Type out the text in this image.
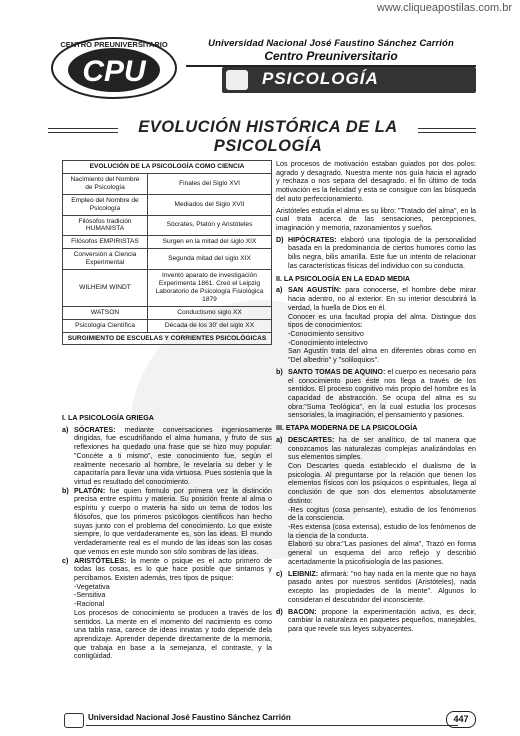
www.cliqueapostilas.com.br
CENTRO PREUNIVERSITARIO
CPU
Universidad Nacional José Faustino Sánchez Carrión
Centro Preuniversitario
PSICOLOGÍA
EVOLUCIÓN HISTÓRICA DE LA PSICOLOGÍA
EVOLUCIÓN DE LA PSICOLOGÍA COMO CIENCIA	
Nacimiento del Nombre de Psicología	Finales del Siglo XVI
Empleo del Nombre de Psicología	Mediados del Siglo XVII
Filósofos tradición HUMANISTA	Sócrates, Platón y Aristóteles
Filósofos EMPIRISTAS	Surgen en la mitad del siglo XIX
Conversión a Ciencia Experimental	Segunda mitad del siglo XIX
WILHEIM WINDT	Inventó aparato de investigación Experimenta 1861. Creó el Leipzig Laboratorio de Psicología Fisiológica 1879
WATSON	Conductismo siglo XX
Psicología Científica	Década de los 30' del siglo XX
SURGIMIENTO DE ESCUELAS Y CORRIENTES PSICOLÓGICAS	
I. LA PSICOLOGÍA GRIEGA
a) SÓCRATES: mediante conversaciones ingeniosamente dirigidas, fue escudriñando el alma humana, y fruto de sus reflexiones ha quedado una frase que se hizo muy popular: "Concéte a ti mismo", este conocimiento fue, según el realmente necesario al hombre, le revelaría su deber y le capacitaría para llevar una vida virtuosa. Pues sostenía que la virtud es resultado del conocimiento.
b) PLATÓN: fue quien formulo por primera vez la distinción precisa entre espíritu y materia. Su posición frente al alma o espíritu y cuerpo o materia ha sido un tema de todos los filósofos, que los primeros psicólogos científicos han hecho suyas junto con el problema del conocimiento. Lo que existe siempre, lo que verdaderamente es, son las ideas. El mundo verdaderamente real es el mundo de las ideas son las cosas que vemos en este mundo son sólo sombras de las ideas.
c) ARISTÓTELES: la mente o psique es el acto primero de todas las cosas, es lo que hace posible que sintamos y percibamos. Existen además, tres tipos de psique:
-Vegetativa
-Sensitiva
-Racional
Los procesos de conocimiento se producen a través de los sentidos. La mente en el momento del nacimiento es como una tabla rasa, carece de ideas innatas y todo depende dela aprendizaje. Aprender depende directamente de la memoria, que trabaja en base a la semejanza, el contraste, y la contigüidad.

Los procesos de motivación estaban guiados por dos polos: agrado y desagrado. Nuestra mente nos guía hacia el agrado y rechaza o nos separa del desagrado. el fin último de toda motivación es la felicidad y esta se consigue con las búsqueda del auto perfeccionamiento.

Aristóteles estudia el alma es su libro: "Tratado del alma", en la cual trata acerca de las sensaciones, percepciones, imaginación y memoria, razonamientos y sueños.

D) HIPÓCRATES: elaboró una tipología de la personalidad basada en la predominancia de ciertos humores como las bilis negra, bilis amarilla. Este fue un intento de relacionar las características físicas del individuo con su conducta.
II. LA PSICOLOGÍA EN LA EDAD MEDIA
a) SAN AGUSTÍN: para conocerse, el hombre debe mirar hacia adentro, no al exterior. En su interior descubrirá la verdad, la huella de Dios en él.
Conocer es una facultad propia del alma. Distingue dos tipos de conocimientos:
-Conocimiento sensitivo
-Conocimiento intelectivo
San Agustín trata del alma en diferentes obras como en "Del albedrio" y "soliloquios".
b) SANTO TOMAS DE AQUINO: el cuerpo es necesario para el conocimiento pues éste nos llega a través de los sentidos. El proceso cognitivo más propio del hombre es la capacidad de abstracción. Se ocupa del alma es su obra:"Suma Teológica", en la cual estudia los procesos sensoriales, la imaginación, el pensamiento y pasiones.
III. ETAPA MODERNA DE LA PSICOLOGÍA
a) DESCARTES: ha de ser analítico, de tal manera que conozcamos las naturalezas complejas analizándolas en sus elementos simples.
Con Descartes queda establecido el dualismo de la psicología. Al preguntarse por la relación que tienen los elementos físicos con los psíquicos o espirituales, llega al conclusión de que son dos elementos absolutamente distinto:
-Res cogitus (cosa pensante), estudio de los fenómenos de la consciencia.
-Res extensa (cosa extensa), estudio de los fenómenos de la ciencia de la conducta.
Elaboró su obra:"Las pasiones del alma", Trazó en forma general un esquema del arco reflejo y describió acertadamente la psicofisiología de las pasiones.
c) LEIBNIZ: afirmará: "no hay nada en la mente que no haya pasado antes por nuestros sentidos (Aristóteles), nada excepto las propiedades de la mente". Algunos lo consideran el descubridor del inconsciente.
d) BACON: propone la experimentación activa, es decir, cambiar la naturaleza en paquetes pequeños, manejables, para que revele sus leyes subyacentes.
Universidad Nacional José Faustino Sánchez Carrión	447
